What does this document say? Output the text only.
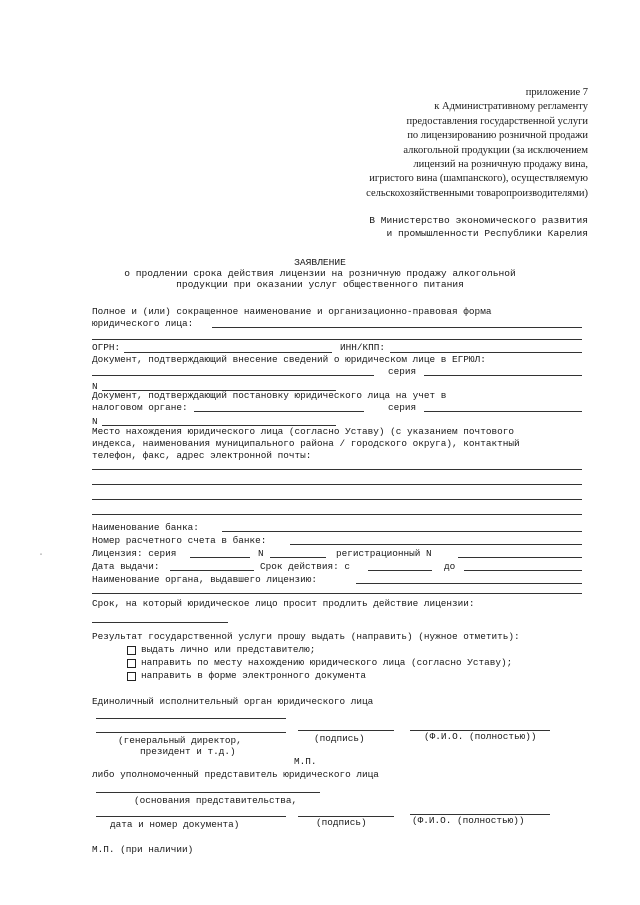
приложение 7
к Административному регламенту
предоставления государственной услуги
по лицензированию розничной продажи
алкогольной продукции (за исключением
лицензий на розничную продажу вина,
игристого вина (шампанского), осуществляемую
сельскохозяйственными товаропроизводителями)
В Министерство экономического развития
и промышленности Республики Карелия
ЗАЯВЛЕНИЕ
о продлении срока действия лицензии на розничную продажу алкогольной
продукции при оказании услуг общественного питания
Полное и (или) сокращенное наименование и организационно-правовая форма
юридического лица:
ОГРН:	ИНН/КПП:
Документ, подтверждающий внесение сведений о юридическом лице в ЕГРЮЛ:
серия
N
Документ, подтверждающий постановку юридического лица на учет в
налоговом органе:	серия
N
Место нахождения юридического лица (согласно Уставу) (с указанием почтового
индекса, наименования муниципального района / городского округа), контактный
телефон, факс, адрес электронной почты:
Наименование банка:
Номер расчетного счета в банке:
Лицензия: серия	N	регистрационный N
Дата выдачи:	Срок действия: с	до
Наименование органа, выдавшего лицензию:
Срок, на который юридическое лицо просит продлить действие лицензии:
Результат государственной услуги прошу выдать (направить) (нужное отметить):
выдать лично или представителю;
направить по месту нахождению юридического лица (согласно Уставу);
направить в форме электронного документа
Единоличный исполнительный орган юридического лица
(генеральный директор,
президент и т.д.)
(подпись)	(Ф.И.О. (полностью))
М.П.
либо уполномоченный представитель юридического лица
(основания представительства,
дата и номер документа)	(подпись)	(Ф.И.О. (полностью))
М.П. (при наличии)
ˌ
